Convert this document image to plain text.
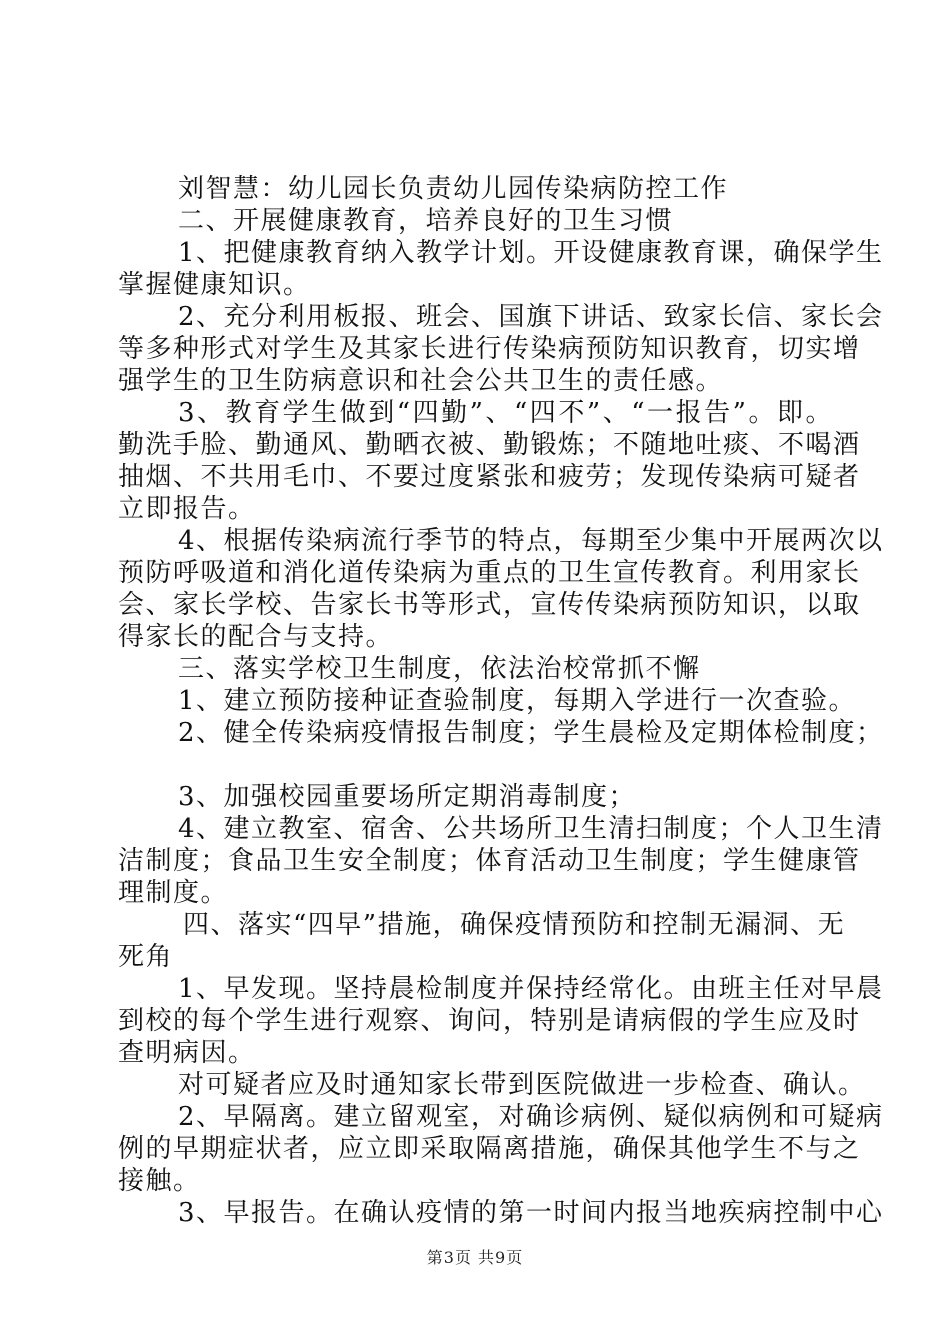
刘智慧：幼儿园长负责幼儿园传染病防控工作
二、开展健康教育，培养良好的卫生习惯
1、把健康教育纳入教学计划。开设健康教育课，确保学生
掌握健康知识。
2、充分利用板报、班会、国旗下讲话、致家长信、家长会
等多种形式对学生及其家长进行传染病预防知识教育，切实增
强学生的卫生防病意识和社会公共卫生的责任感。
3、教育学生做到“四勤”、“四不”、“一报告”。即。
勤洗手脸、勤通风、勤晒衣被、勤锻炼；不随地吐痰、不喝酒
抽烟、不共用毛巾、不要过度紧张和疲劳；发现传染病可疑者
立即报告。
4、根据传染病流行季节的特点，每期至少集中开展两次以
预防呼吸道和消化道传染病为重点的卫生宣传教育。利用家长
会、家长学校、告家长书等形式，宣传传染病预防知识，以取
得家长的配合与支持。
三、落实学校卫生制度，依法治校常抓不懈
1、建立预防接种证查验制度，每期入学进行一次查验。
2、健全传染病疫情报告制度；学生晨检及定期体检制度；
3、加强校园重要场所定期消毒制度；
4、建立教室、宿舍、公共场所卫生清扫制度；个人卫生清
洁制度；食品卫生安全制度；体育活动卫生制度；学生健康管
理制度。
四、落实“四早”措施，确保疫情预防和控制无漏洞、无
死角
1、早发现。坚持晨检制度并保持经常化。由班主任对早晨
到校的每个学生进行观察、询问，特别是请病假的学生应及时
查明病因。
对可疑者应及时通知家长带到医院做进一步检查、确认。
2、早隔离。建立留观室，对确诊病例、疑似病例和可疑病
例的早期症状者，应立即采取隔离措施，确保其他学生不与之
接触。
3、早报告。在确认疫情的第一时间内报当地疾病控制中心
第3页 共9页
